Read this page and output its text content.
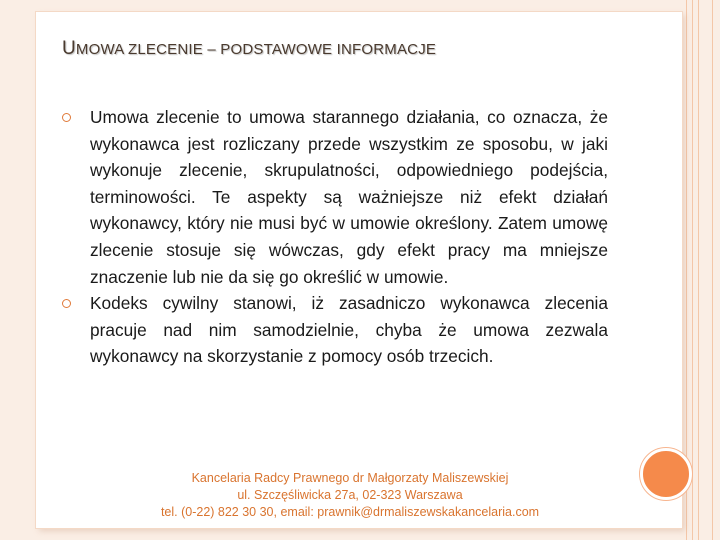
UMOWA ZLECENIE – PODSTAWOWE INFORMACJE
Umowa zlecenie to umowa starannego działania, co oznacza, że wykonawca jest rozliczany przede wszystkim ze sposobu, w jaki wykonuje zlecenie, skrupulatności, odpowiedniego podejścia, terminowości. Te aspekty są ważniejsze niż efekt działań wykonawcy, który nie musi być w umowie określony. Zatem umowę zlecenie stosuje się wówczas, gdy efekt pracy ma mniejsze znaczenie lub nie da się go określić w umowie.
Kodeks cywilny stanowi, iż zasadniczo wykonawca zlecenia pracuje nad nim samodzielnie, chyba że umowa zezwala wykonawcy na skorzystanie z pomocy osób trzecich.
Kancelaria Radcy Prawnego dr Małgorzaty Maliszewskiej
ul. Szczęśliwicka 27a, 02-323 Warszawa
tel. (0-22) 822 30 30, email: prawnik@drmaliszewskakancelaria.com
